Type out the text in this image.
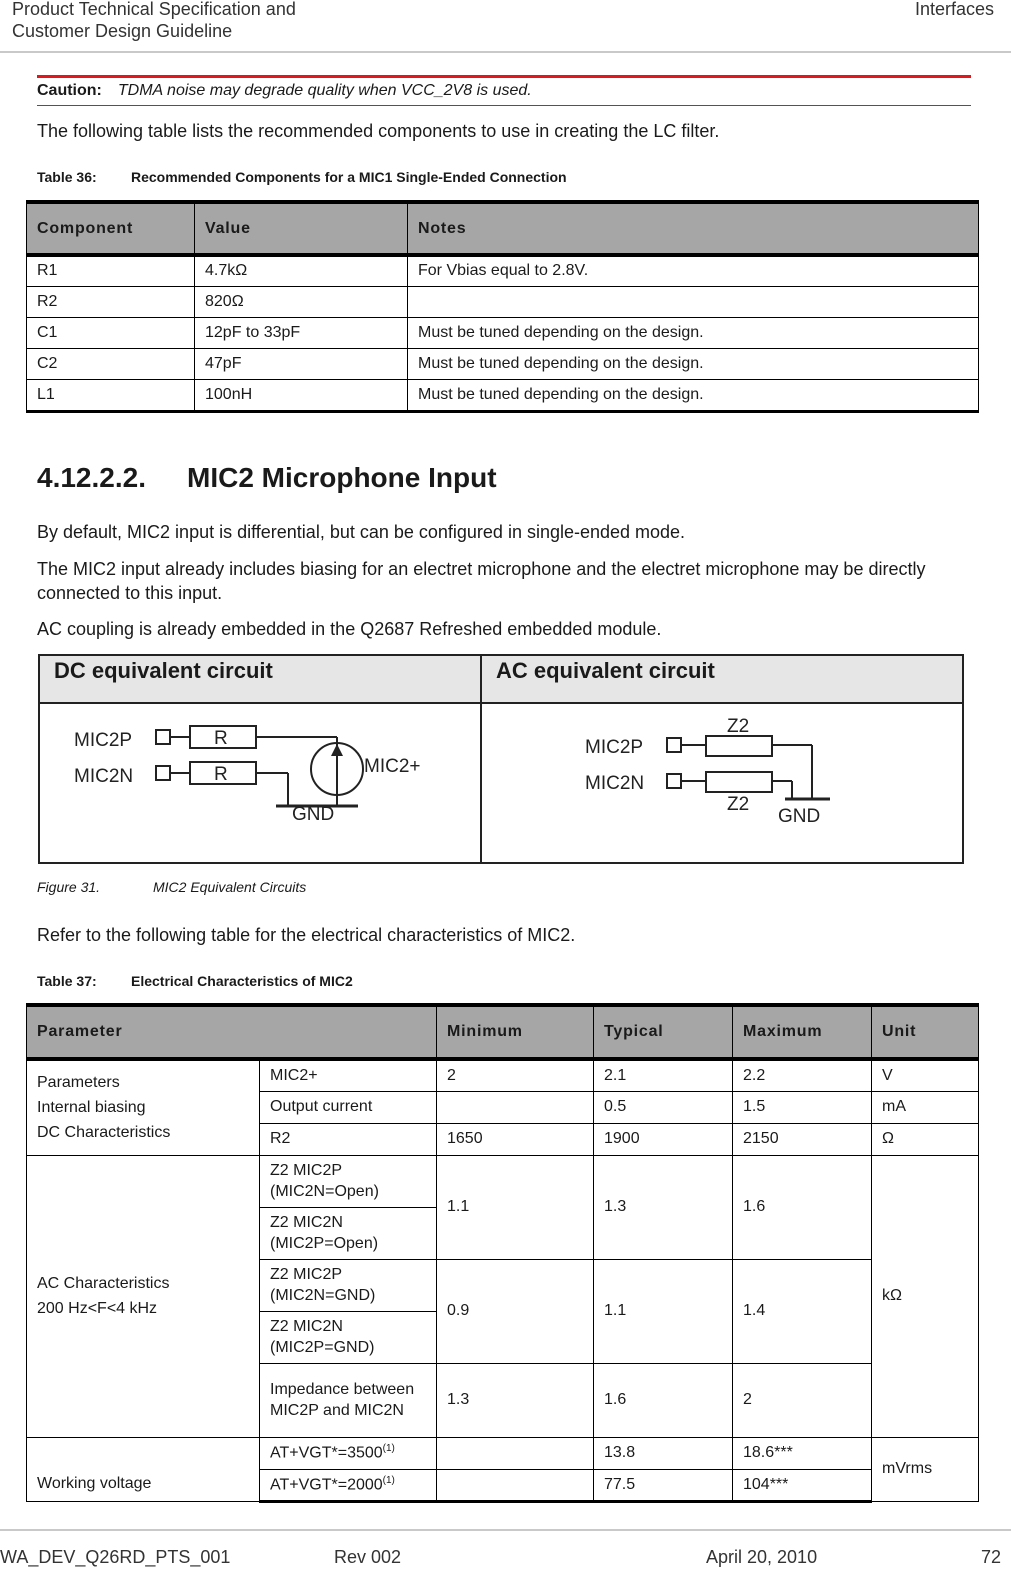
Product Technical Specification and
Customer Design Guideline
Interfaces
Caution: TDMA noise may degrade quality when VCC_2V8 is used.

The following table lists the recommended components to use in creating the LC filter.

Table 36: Recommended Components for a MIC1 Single-Ended Connection
Component	Value	Notes
R1	4.7kΩ	For Vbias equal to 2.8V.
R2	820Ω	
C1	12pF to 33pF	Must be tuned depending on the design.
C2	47pF	Must be tuned depending on the design.
L1	100nH	Must be tuned depending on the design.
4.12.2.2. MIC2 Microphone Input

By default, MIC2 input is differential, but can be configured in single-ended mode.

The MIC2 input already includes biasing for an electret microphone and the electret microphone may be directly connected to this input.

AC coupling is already embedded in the Q2687 Refreshed embedded module.

DC equivalent circuit	AC equivalent circuit
MIC2P
MIC2N
R
R	MIC2+
GND
MIC2P
MIC2N
Z2
Z2
GND
Figure 31.	MIC2 Equivalent Circuits

Refer to the following table for the electrical characteristics of MIC2.

Table 37: Electrical Characteristics of MIC2
Parameter		Minimum	Typical	Maximum	Unit

Parameters
Internal biasing
DC Characteristics	MIC2+	2	2.1	2.2	V
	Output current		0.5	1.5	mA
	R2	1650	1900	2150	Ω

AC Characteristics
200 Hz<F<4 kHz	Z2 MIC2P (MIC2N=Open)	1.1	1.3	1.6	kΩ
	Z2 MIC2N (MIC2P=Open)				
	Z2 MIC2P (MIC2N=GND)	0.9	1.1	1.4	
	Z2 MIC2N (MIC2P=GND)				
	Impedance between MIC2P and MIC2N	1.3	1.6	2	
Working voltage	$AT+VGT*=3500^{(1)}$		13.8	18.6***	mVrms
	$AT+VGT*=2000^{(1)}$		77.5	104***	
WA_DEV_Q26RD_PTS_001	Rev 002	April 20, 2010	72
